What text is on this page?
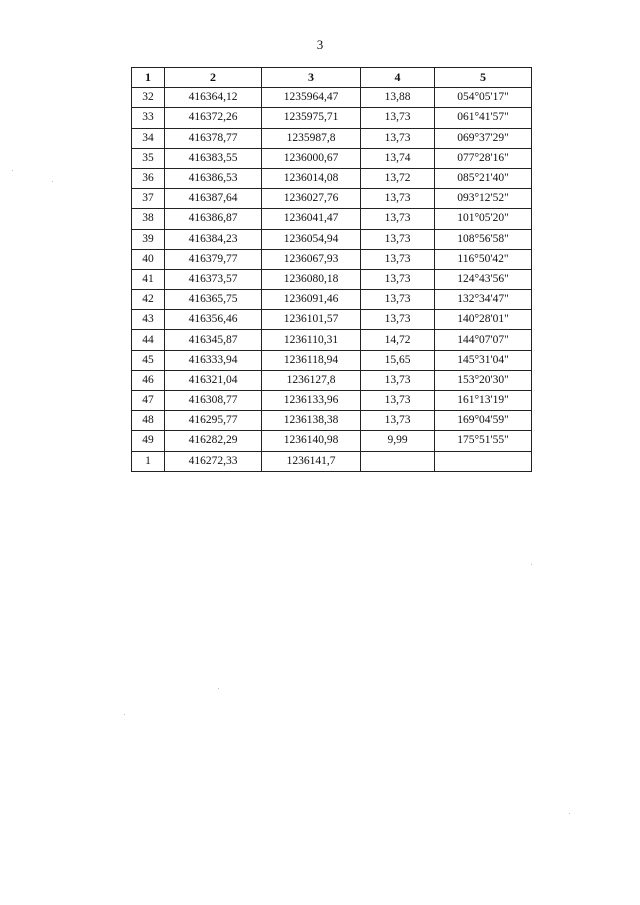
3
1	2	3	4	5
32	416364,12	1235964,47	13,88	054°05'17"
33	416372,26	1235975,71	13,73	061°41'57"
34	416378,77	1235987,8	13,73	069°37'29"
35	416383,55	1236000,67	13,74	077°28'16"
36	416386,53	1236014,08	13,72	085°21'40"
37	416387,64	1236027,76	13,73	093°12'52"
38	416386,87	1236041,47	13,73	101°05'20"
39	416384,23	1236054,94	13,73	108°56'58"
40	416379,77	1236067,93	13,73	116°50'42"
41	416373,57	1236080,18	13,73	124°43'56"
42	416365,75	1236091,46	13,73	132°34'47"
43	416356,46	1236101,57	13,73	140°28'01"
44	416345,87	1236110,31	14,72	144°07'07"
45	416333,94	1236118,94	15,65	145°31'04"
46	416321,04	1236127,8	13,73	153°20'30"
47	416308,77	1236133,96	13,73	161°13'19"
48	416295,77	1236138,38	13,73	169°04'59"
49	416282,29	1236140,98	9,99	175°51'55"
1	416272,33	1236141,7		
